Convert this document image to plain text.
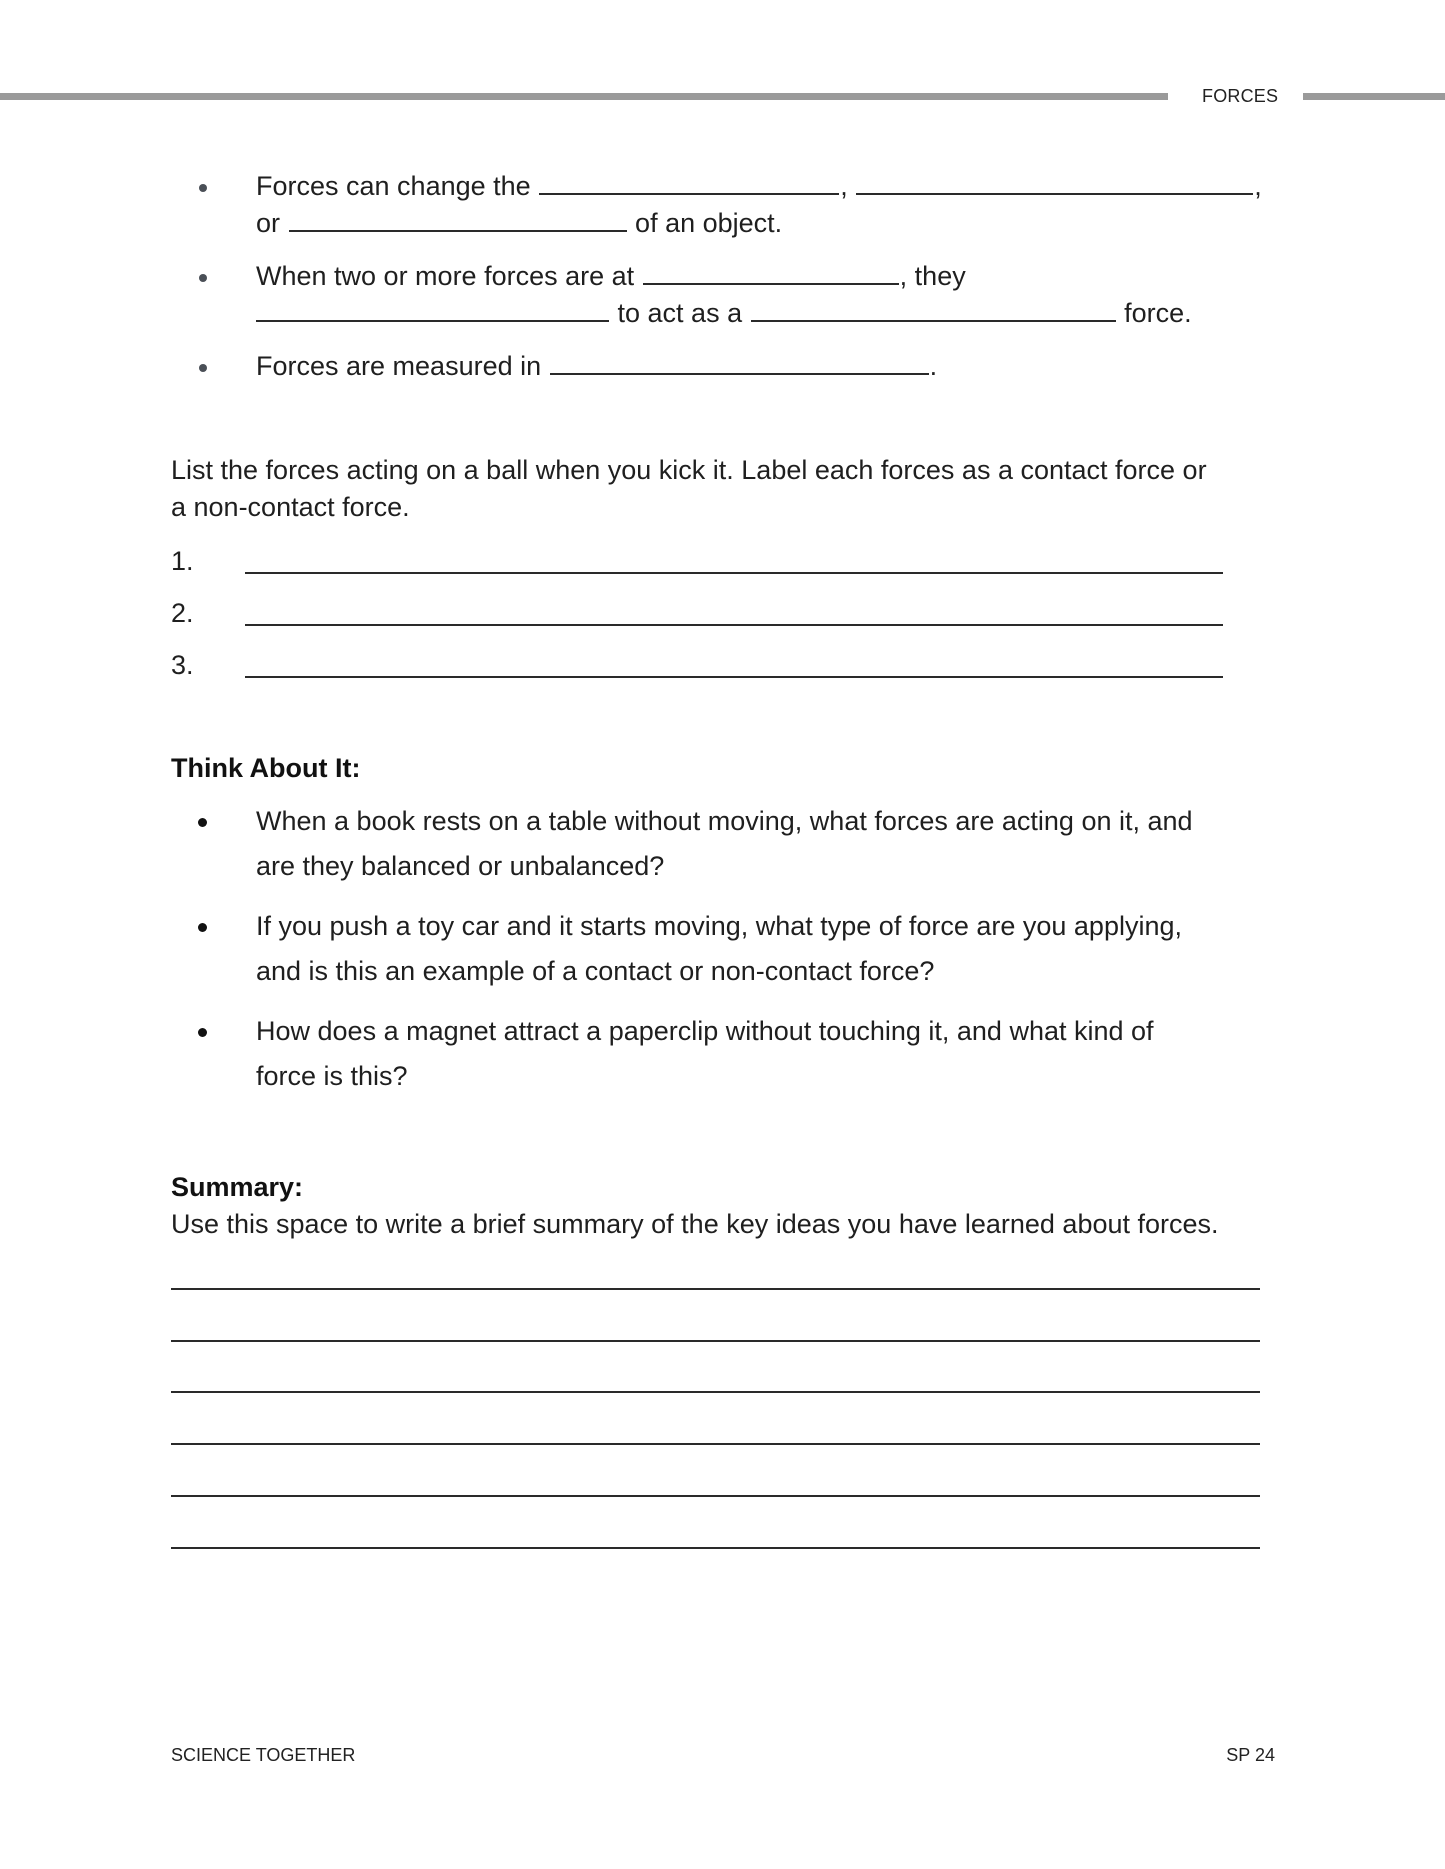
FORCES
Forces can change the	,	,
or	of an object.
When two or more forces are at	, they
to act as a	force.
Forces are measured in	.
List the forces acting on a ball when you kick it. Label each forces as a contact force or
a non-contact force.
1.
2.
3.
Think About It:
When a book rests on a table without moving, what forces are acting on it, and
are they balanced or unbalanced?
If you push a toy car and it starts moving, what type of force are you applying,
and is this an example of a contact or non-contact force?
How does a magnet attract a paperclip without touching it, and what kind of
force is this?
Summary:
Use this space to write a brief summary of the key ideas you have learned about forces.
SCIENCE TOGETHER	SP 24
